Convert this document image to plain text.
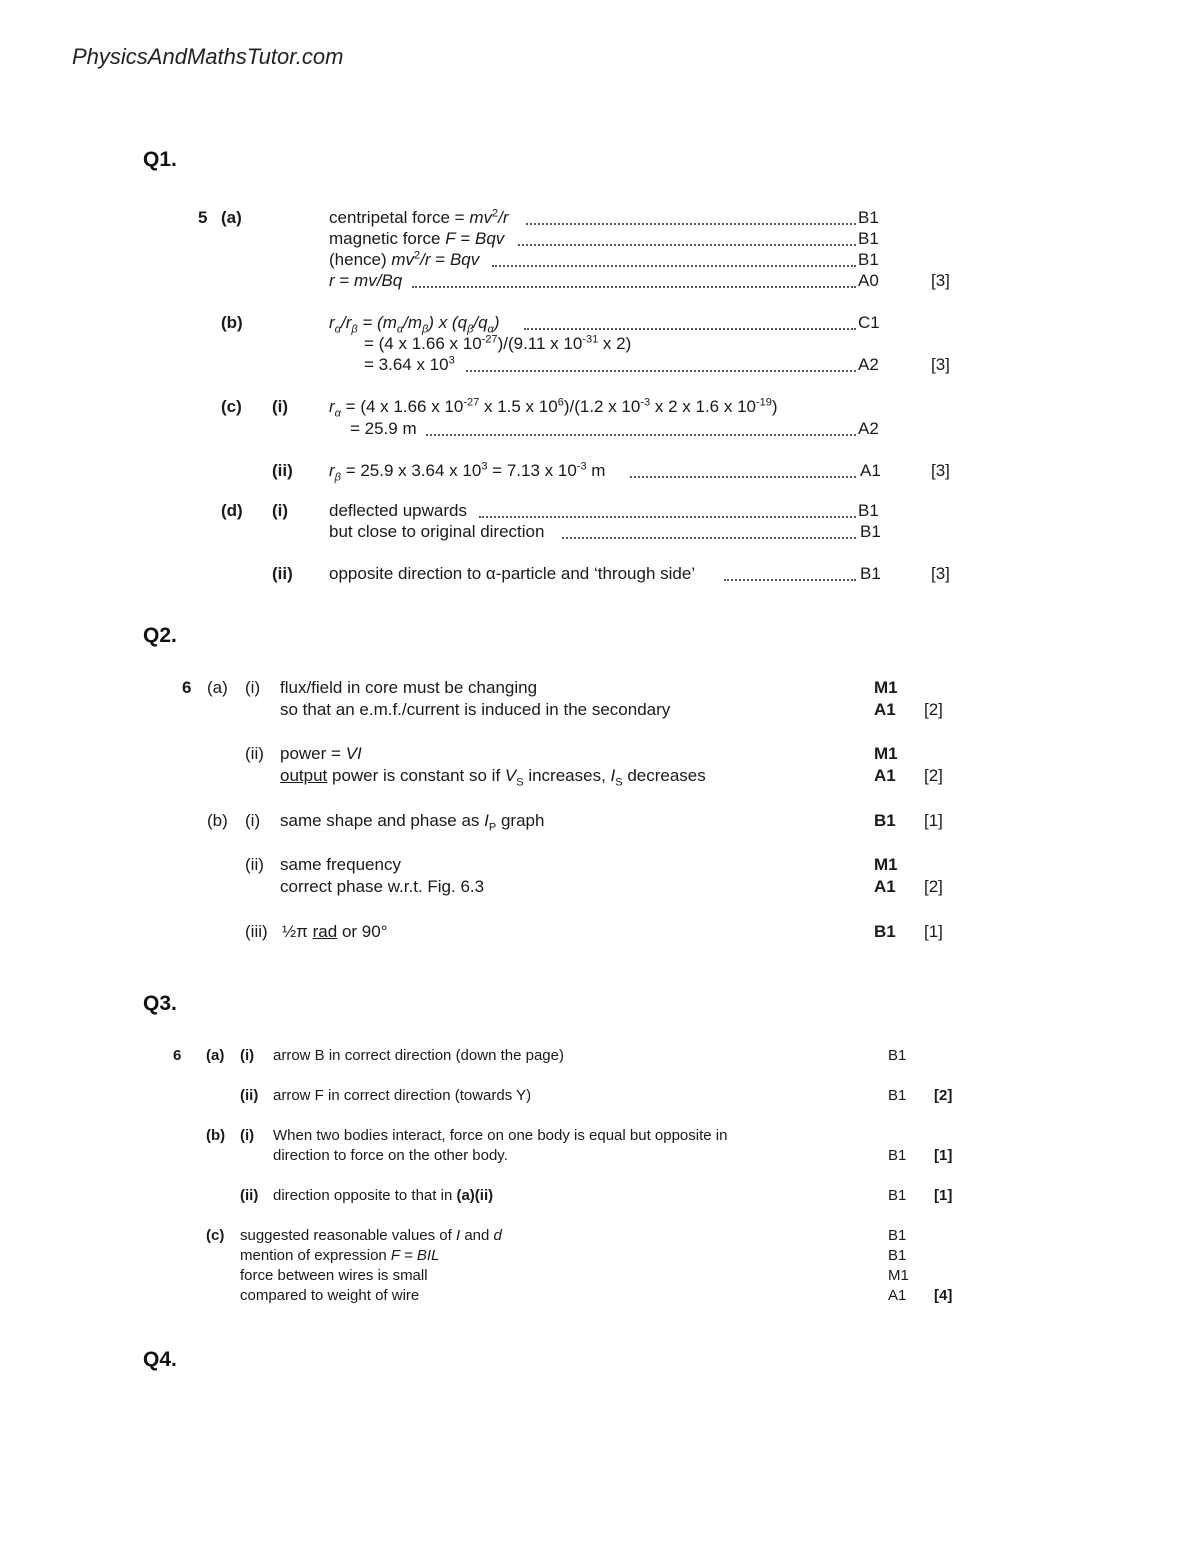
PhysicsAndMathsTutor.com
Q1.
5 (a)	centripetal force = $mv^2/r$	B1
magnetic force F = Bqv	B1
(hence) $mv^2/r$ = Bqv	B1
r = mv/Bq	A0	[3]
(b)	$r_\alpha/r_\beta = (m_\alpha/m_\beta)$ x $(q_\beta/q_\alpha)$	C1
= (4 x 1.66 x $10^{-27})/(9.11$ x $10^{-31}$ x 2)
= 3.64 x $10^3$	A2	[3]
(c) (i) $r_\alpha = (4$ x 1.66 x $10^{-27}$ x 1.5 x $10^6)/(1.2$ x $10^{-3}$ x 2 x 1.6 x $10^{-19}$)
= 25.9 m	A2
(ii) $r_\beta = 25.9$ x 3.64 x $10^3 = 7.13$ x $10^{-3}$ m	A1	[3]
(d) (i) deflected upwards	B1
but close to original direction	B1
(ii) opposite direction to α-particle and ‘through side’	B1	[3]
Q2.
6 (a) (i) flux/field in core must be changing	M1
so that an e.m.f./current is induced in the secondary	A1 [2]
(ii) power = VI	M1
output power is constant so if $V_S$ increases, $I_S$ decreases	A1 [2]
(b) (i) same shape and phase as $I_P$ graph	B1 [1]
(ii) same frequency	M1
correct phase w.r.t. Fig. 6.3	A1 [2]
(iii) ½π rad or 90°	B1 [1]
Q3.
6 (a) (i) arrow B in correct direction (down the page)	B1
(ii) arrow F in correct direction (towards Y)	B1 [2]
(b) (i) When two bodies interact, force on one body is equal but opposite in
direction to force on the other body.	B1 [1]
(ii) direction opposite to that in (a)(ii)	B1 [1]
(c) suggested reasonable values of I and d	B1
mention of expression F = BIL	B1
force between wires is small	M1
compared to weight of wire	A1 [4]
Q4.
